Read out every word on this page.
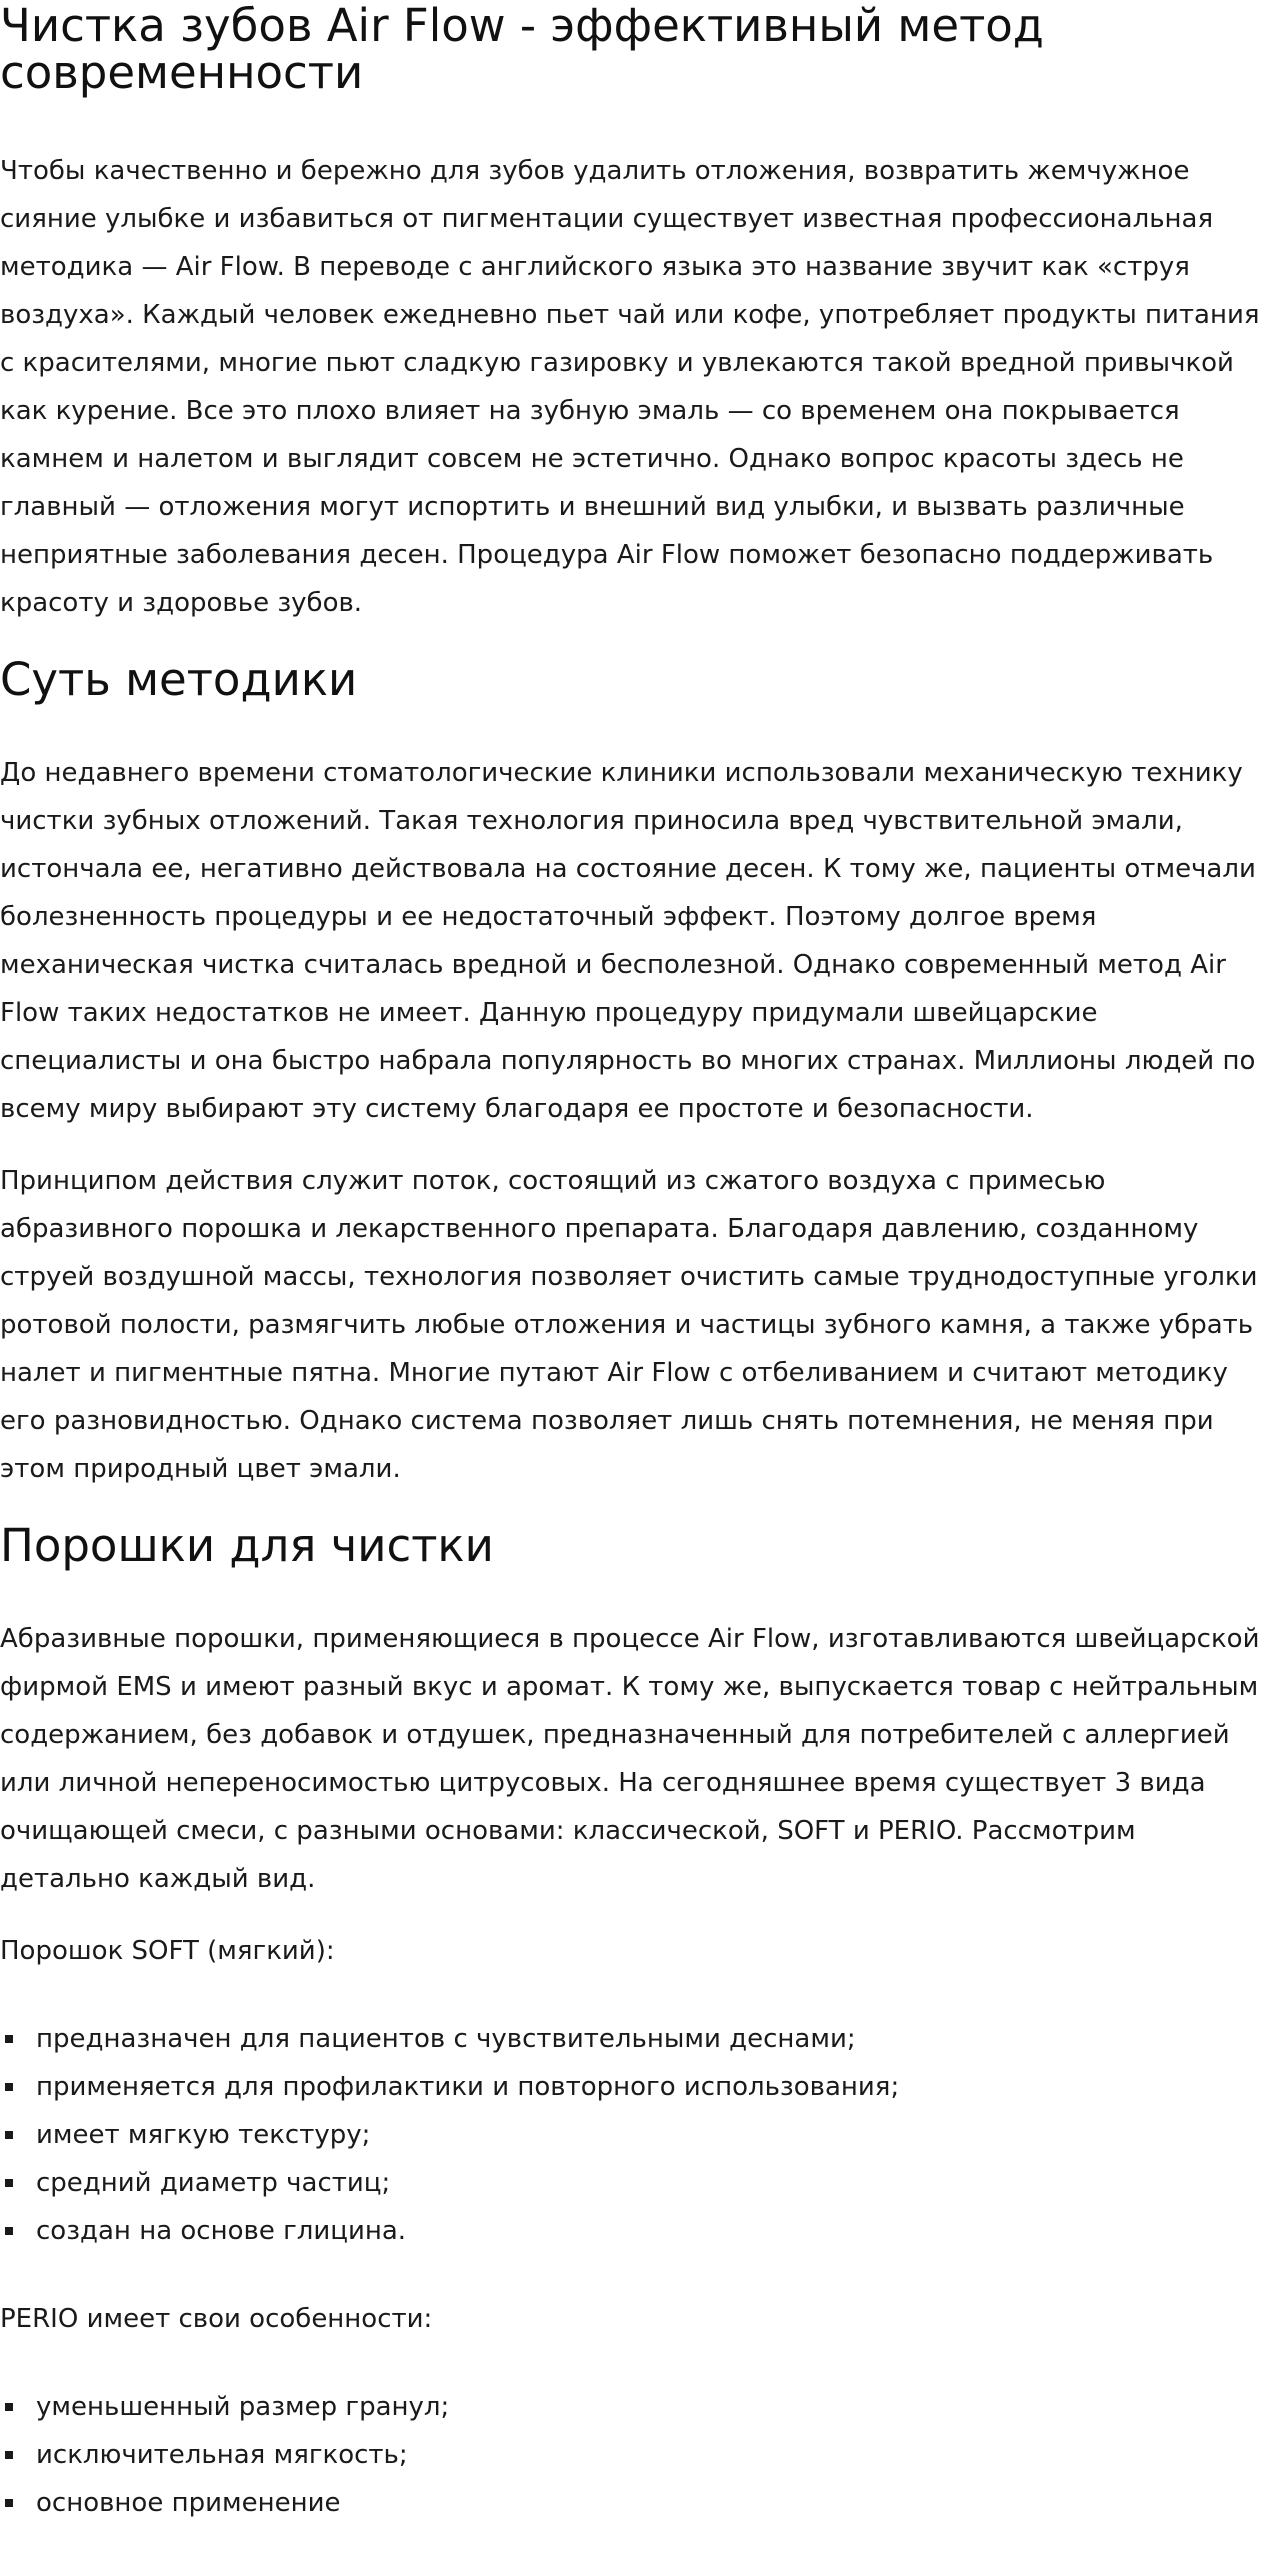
Чистка зубов Air Flow - эффективный метод современности

Чтобы качественно и бережно для зубов удалить отложения, возвратить жемчужное сияние улыбке и избавиться от пигментации существует известная профессиональная методика — Air Flow. В переводе с английского языка это название звучит как «струя воздуха». Каждый человек ежедневно пьет чай или кофе, употребляет продукты питания с красителями, многие пьют сладкую газировку и увлекаются такой вредной привычкой как курение. Все это плохо влияет на зубную эмаль — со временем она покрывается камнем и налетом и выглядит совсем не эстетично. Однако вопрос красоты здесь не главный — отложения могут испортить и внешний вид улыбки, и вызвать различные неприятные заболевания десен. Процедура Air Flow поможет безопасно поддерживать красоту и здоровье зубов.

Суть методики

До недавнего времени стоматологические клиники использовали механическую технику чистки зубных отложений. Такая технология приносила вред чувствительной эмали, истончала ее, негативно действовала на состояние десен. К тому же, пациенты отмечали болезненность процедуры и ее недостаточный эффект. Поэтому долгое время механическая чистка считалась вредной и бесполезной. Однако современный метод Air Flow таких недостатков не имеет. Данную процедуру придумали швейцарские специалисты и она быстро набрала популярность во многих странах. Миллионы людей по всему миру выбирают эту систему благодаря ее простоте и безопасности.

Принципом действия служит поток, состоящий из сжатого воздуха с примесью абразивного порошка и лекарственного препарата. Благодаря давлению, созданному струей воздушной массы, технология позволяет очистить самые труднодоступные уголки ротовой полости, размягчить любые отложения и частицы зубного камня, а также убрать налет и пигментные пятна. Многие путают Air Flow с отбеливанием и считают методику его разновидностью. Однако система позволяет лишь снять потемнения, не меняя при этом природный цвет эмали.

Порошки для чистки

Абразивные порошки, применяющиеся в процессе Air Flow, изготавливаются швейцарской фирмой EMS и имеют разный вкус и аромат. К тому же, выпускается товар с нейтральным содержанием, без добавок и отдушек, предназначенный для потребителей с аллергией или личной непереносимостью цитрусовых. На сегодняшнее время существует 3 вида очищающей смеси, с разными основами: классической, SOFT и PERIO. Рассмотрим детально каждый вид.

Порошок SOFT (мягкий):

предназначен для пациентов с чувствительными деснами;
применяется для профилактики и повторного использования;
имеет мягкую текстуру;
средний диаметр частиц;
создан на основе глицина.

PERIO имеет свои особенности:

уменьшенный размер гранул;
исключительная мягкость;
основное применение
